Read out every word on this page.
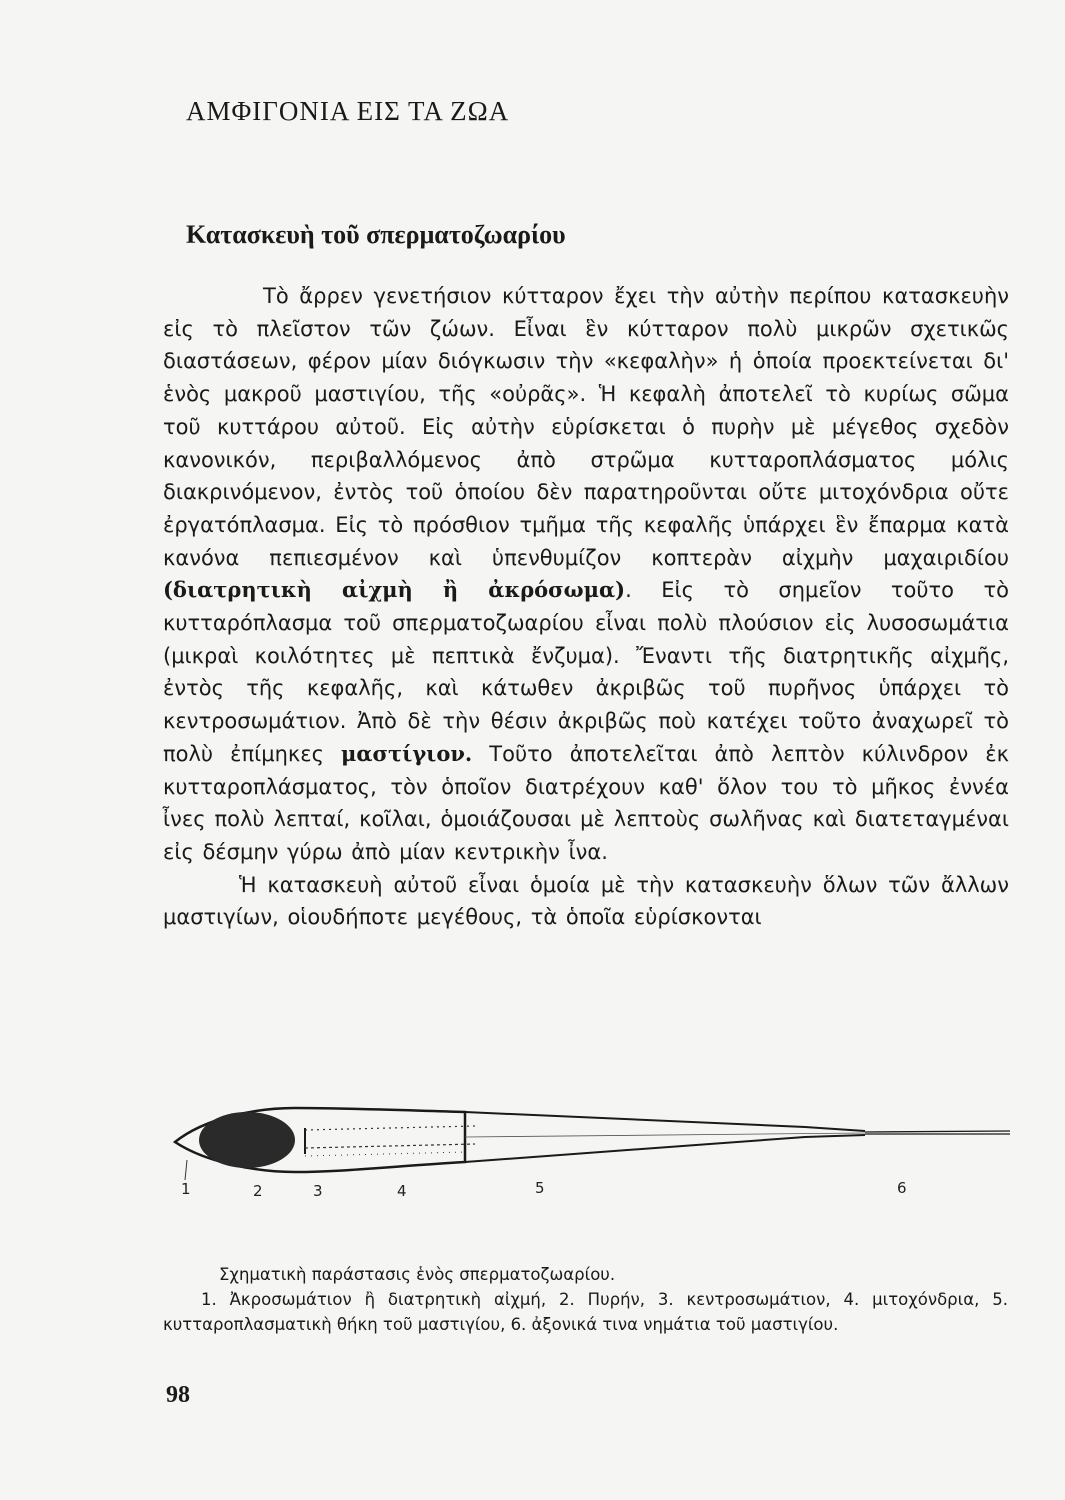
ΑΜΦΙΓΟΝΙΑ ΕΙΣ ΤΑ ΖΩΑ
Κατασκευὴ τοῦ σπερματοζωαρίου

Τὸ ἄρρεν γενετήσιον κύτταρον ἔχει τὴν αὐτὴν περίπου κατασκευὴν εἰς τὸ πλεῖστον τῶν ζώων. Εἶναι ἓν κύτταρον πολὺ μικρῶν σχετικῶς διαστάσεων, φέρον μίαν διόγκωσιν τὴν «κεφαλὴν» ἡ ὁποία προεκτείνεται δι' ἑνὸς μακροῦ μαστιγίου, τῆς «οὐρᾶς». Ἡ κεφαλὴ ἀποτελεῖ τὸ κυρίως σῶμα τοῦ κυττάρου αὐτοῦ. Εἰς αὐτὴν εὑρίσκεται ὁ πυρὴν μὲ μέγεθος σχεδὸν κανονικόν, περιβαλλόμενος ἀπὸ στρῶμα κυτταροπλάσματος μόλις διακρινόμενον, ἐντὸς τοῦ ὁποίου δὲν παρατηροῦνται οὔτε μιτοχόνδρια οὔτε ἐργατόπλασμα. Εἰς τὸ πρόσθιον τμῆμα τῆς κεφαλῆς ὑπάρχει ἓν ἔπαρμα κατὰ κανόνα πεπιεσμένον καὶ ὑπενθυμίζον κοπτερὰν αἰχμὴν μαχαιριδίου (διατρητικὴ αἰχμὴ ἢ ἀκρόσωμα). Εἰς τὸ σημεῖον τοῦτο τὸ κυτταρόπλασμα τοῦ σπερματοζωαρίου εἶναι πολὺ πλούσιον εἰς λυσοσωμάτια (μικραὶ κοιλότητες μὲ πεπτικὰ ἔνζυμα). Ἔναντι τῆς διατρητικῆς αἰχμῆς, ἐντὸς τῆς κεφαλῆς, καὶ κάτωθεν ἀκριβῶς τοῦ πυρῆνος ὑπάρχει τὸ κεντροσωμάτιον. Ἀπὸ δὲ τὴν θέσιν ἀκριβῶς ποὺ κατέχει τοῦτο ἀναχωρεῖ τὸ πολὺ ἐπίμηκες μαστίγιον. Τοῦτο ἀποτελεῖται ἀπὸ λεπτὸν κύλινδρον ἐκ κυτταροπλάσματος, τὸν ὁποῖον διατρέχουν καθ' ὅλον του τὸ μῆκος ἐννέα ἶνες πολὺ λεπταί, κοῖλαι, ὁμοιάζουσαι μὲ λεπτοὺς σωλῆνας καὶ διατεταγμέναι εἰς δέσμην γύρω ἀπὸ μίαν κεντρικὴν ἶνα.

Ἡ κατασκευὴ αὐτοῦ εἶναι ὁμοία μὲ τὴν κατασκευὴν ὅλων τῶν ἄλλων μαστιγίων, οἱουδήποτε μεγέθους, τὰ ὁποῖα εὑρίσκονται

1	2	3	4	5	6
Σχηματικὴ παράστασις ἑνὸς σπερματοζωαρίου.
1. Ἀκροσωμάτιον ἢ διατρητικὴ αἰχμή, 2. Πυρήν, 3. κεντροσωμάτιον, 4. μιτοχόνδρια, 5. κυτταροπλασματικὴ θήκη τοῦ μαστιγίου, 6. ἀξονικά τινα νημάτια τοῦ μαστιγίου.
98
